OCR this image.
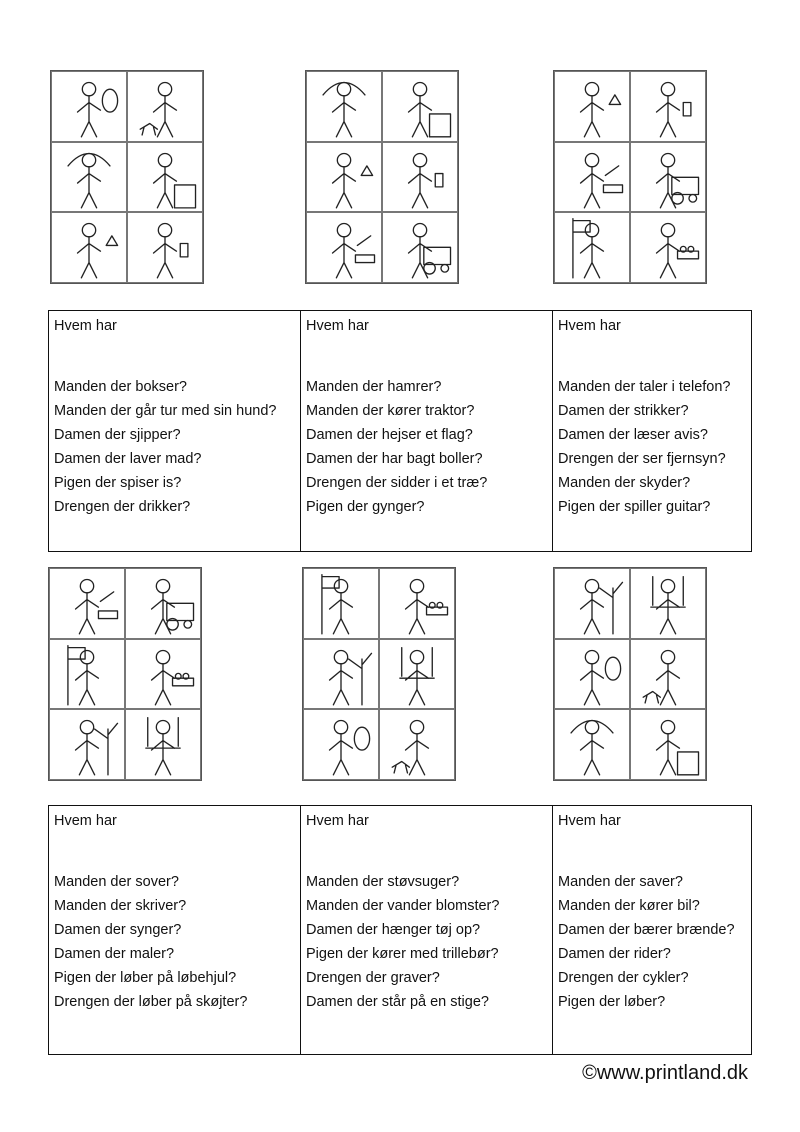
Hvem har

Manden der bokser?

Manden der går tur med sin hund?

Damen der sjipper?

Damen der laver mad?

Pigen der spiser is?

Drengen der drikker?

Hvem har

Manden der hamrer?

Manden der kører traktor?

Damen der hejser et flag?

Damen der har bagt boller?

Drengen der sidder i et træ?

Pigen der gynger?

Hvem har

Manden der taler i telefon?

Damen der strikker?

Damen der læser avis?

Drengen der ser fjernsyn?

Manden der skyder?

Pigen der spiller guitar?

Hvem har

Manden der sover?

Manden der skriver?

Damen der synger?

Damen der maler?

Pigen der løber på løbehjul?

Drengen der løber på skøjter?

Hvem har

Manden der støvsuger?

Manden der vander blomster?

Damen der hænger tøj op?

Pigen der kører med trillebør?

Drengen der graver?

Damen der står på en stige?

Hvem har

Manden der saver?

Manden der kører bil?

Damen der bærer brænde?

Damen der rider?

Drengen der cykler?

Pigen der løber?

©www.printland.dk
